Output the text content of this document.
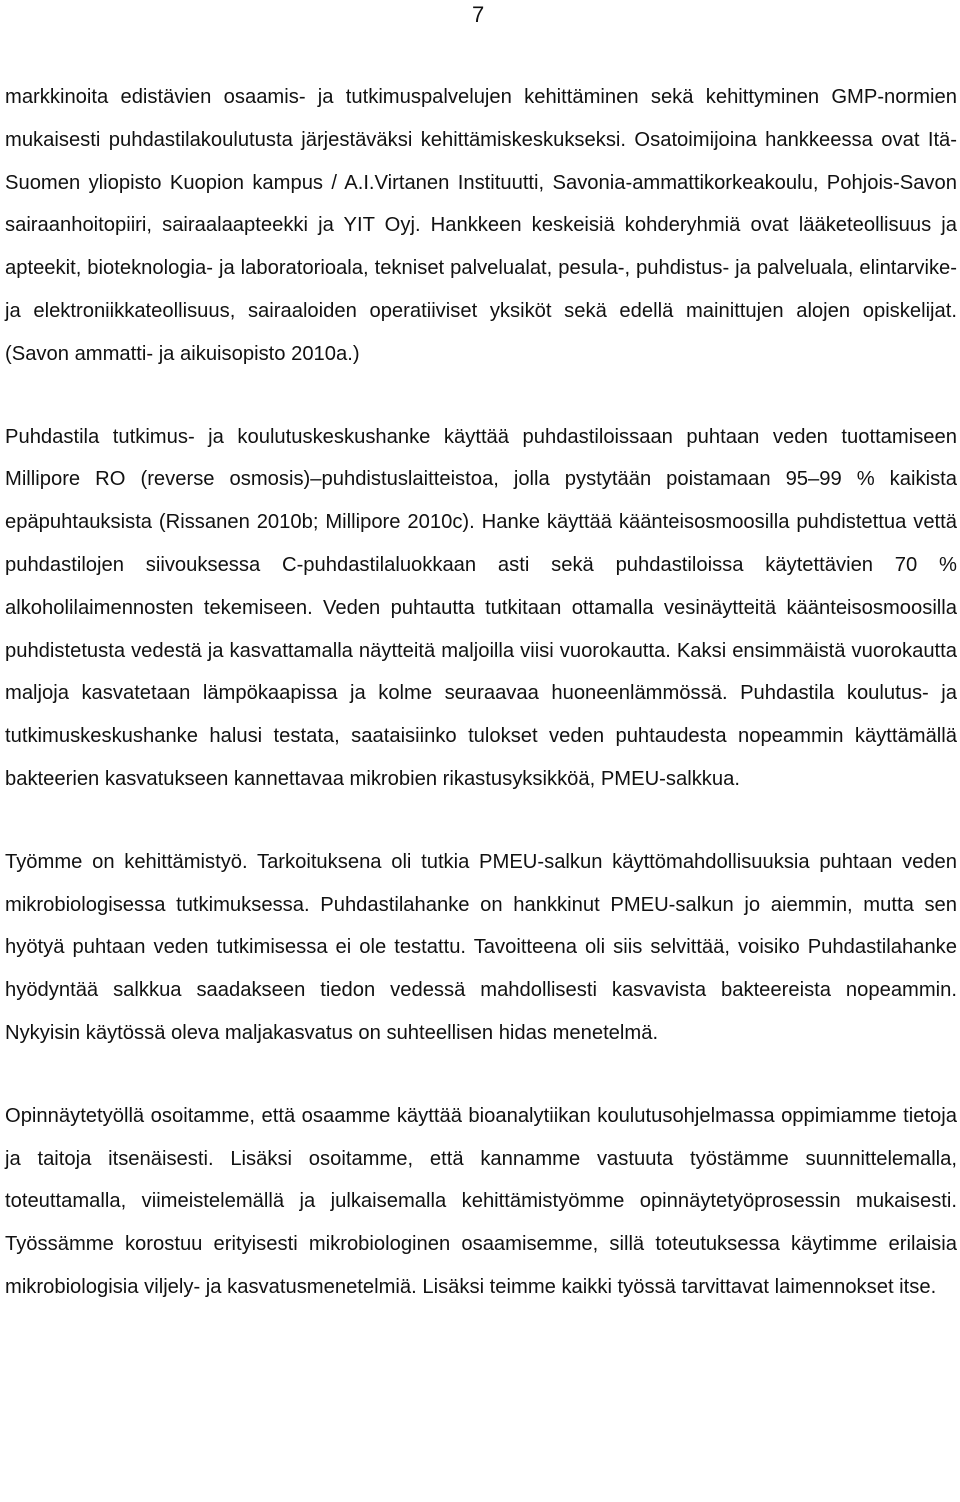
7

markkinoita edistävien osaamis- ja tutkimuspalvelujen kehittäminen sekä kehittyminen GMP-normien mukaisesti puhdastilakoulutusta järjestäväksi kehittämiskeskukseksi. Osatoimijoina hankkeessa ovat Itä-Suomen yliopisto Kuopion kampus / A.I.Virtanen Instituutti, Savonia-ammattikorkeakoulu, Pohjois-Savon sairaanhoitopiiri, sairaalaapteekki ja YIT Oyj. Hankkeen keskeisiä kohderyhmiä ovat lääketeollisuus ja apteekit, bioteknologia- ja laboratorioala, tekniset palvelualat, pesula-, puhdistus- ja palveluala, elintarvike- ja elektroniikkateollisuus, sairaaloiden operatiiviset yksiköt sekä edellä mainittujen alojen opiskelijat. (Savon ammatti- ja aikuisopisto 2010a.)

Puhdastila tutkimus- ja koulutuskeskushanke käyttää puhdastiloissaan puhtaan veden tuottamiseen Millipore RO (reverse osmosis)–puhdistuslaitteistoa, jolla pystytään poistamaan 95–99 % kaikista epäpuhtauksista (Rissanen 2010b; Millipore 2010c). Hanke käyttää käänteisosmoosilla puhdistettua vettä puhdastilojen siivouksessa C-puhdastilaluokkaan asti sekä puhdastiloissa käytettävien 70 % alkoholilaimennosten tekemiseen. Veden puhtautta tutkitaan ottamalla vesinäytteitä käänteisosmoosilla puhdistetusta vedestä ja kasvattamalla näytteitä maljoilla viisi vuorokautta. Kaksi ensimmäistä vuorokautta maljoja kasvatetaan lämpökaapissa ja kolme seuraavaa huoneenlämmössä. Puhdastila koulutus- ja tutkimuskeskushanke halusi testata, saataisiinko tulokset veden puhtaudesta nopeammin käyttämällä bakteerien kasvatukseen kannettavaa mikrobien rikastusyksikköä, PMEU-salkkua.

Työmme on kehittämistyö. Tarkoituksena oli tutkia PMEU-salkun käyttömahdollisuuksia puhtaan veden mikrobiologisessa tutkimuksessa. Puhdastilahanke on hankkinut PMEU-salkun jo aiemmin, mutta sen hyötyä puhtaan veden tutkimisessa ei ole testattu. Tavoitteena oli siis selvittää, voisiko Puhdastilahanke hyödyntää salkkua saadakseen tiedon vedessä mahdollisesti kasvavista bakteereista nopeammin. Nykyisin käytössä oleva maljakasvatus on suhteellisen hidas menetelmä.

Opinnäytetyöllä osoitamme, että osaamme käyttää bioanalytiikan koulutusohjelmassa oppimiamme tietoja ja taitoja itsenäisesti. Lisäksi osoitamme, että kannamme vastuuta työstämme suunnittelemalla, toteuttamalla, viimeistelemällä ja julkaisemalla kehittämistyömme opinnäytetyöprosessin mukaisesti. Työssämme korostuu erityisesti mikrobiologinen osaamisemme, sillä toteutuksessa käytimme erilaisia mikrobiologisia viljely- ja kasvatusmenetelmiä. Lisäksi teimme kaikki työssä tarvittavat laimennokset itse.
